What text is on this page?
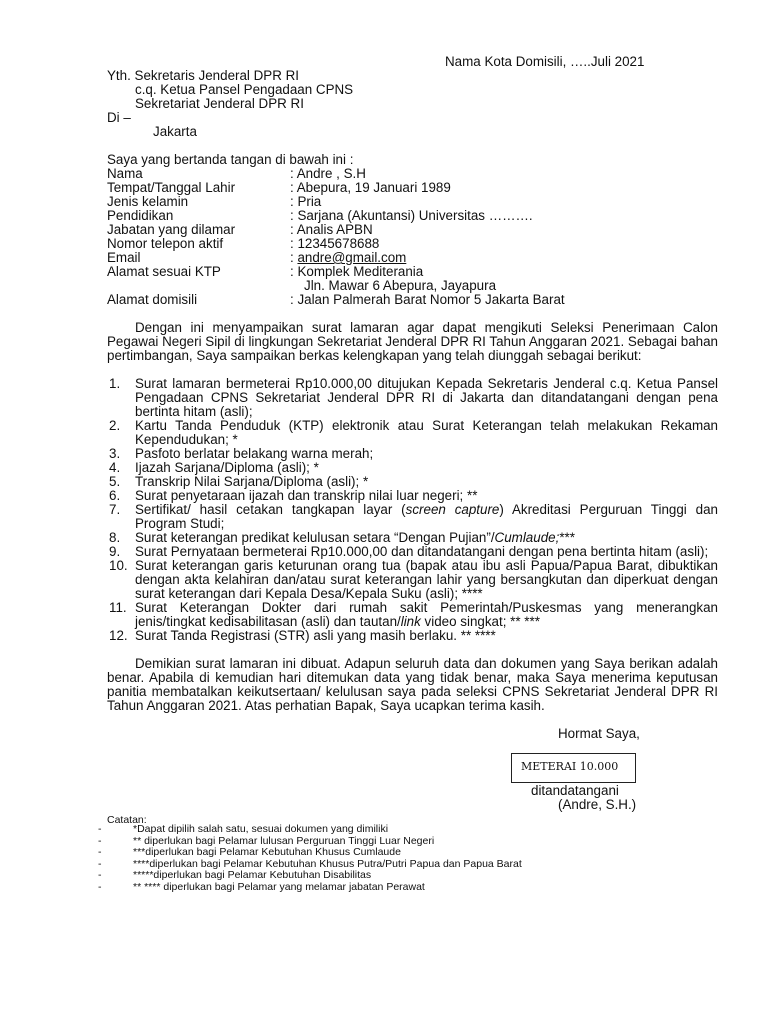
Nama Kota Domisili, …..Juli 2021
Yth. Sekretaris Jenderal DPR RI
c.q. Ketua Pansel Pengadaan CPNS
Sekretariat Jenderal DPR RI
Di –
Jakarta
Saya yang bertanda tangan di bawah ini :
Nama	: Andre , S.H
Tempat/Tanggal Lahir	: Abepura, 19 Januari 1989
Jenis kelamin	: Pria
Pendidikan	: Sarjana (Akuntansi) Universitas ……….
Jabatan yang dilamar	: Analis APBN
Nomor telepon aktif	: 12345678688
Email	: andre@gmail.com
Alamat sesuai KTP	: Komplek Mediterania
Jln. Mawar 6 Abepura, Jayapura
Alamat domisili	: Jalan Palmerah Barat Nomor 5 Jakarta Barat

Dengan ini menyampaikan surat lamaran agar dapat mengikuti Seleksi Penerimaan Calon Pegawai Negeri Sipil di lingkungan Sekretariat Jenderal DPR RI Tahun Anggaran 2021. Sebagai bahan pertimbangan, Saya sampaikan berkas kelengkapan yang telah diunggah sebagai berikut:

1. Surat lamaran bermeterai Rp10.000,00 ditujukan Kepada Sekretaris Jenderal c.q. Ketua Pansel Pengadaan CPNS Sekretariat Jenderal DPR RI di Jakarta dan ditandatangani dengan pena bertinta hitam (asli);
2. Kartu Tanda Penduduk (KTP) elektronik atau Surat Keterangan telah melakukan Rekaman Kependudukan; *
3. Pasfoto berlatar belakang warna merah;
4. Ijazah Sarjana/Diploma (asli); *
5. Transkrip Nilai Sarjana/Diploma (asli); *
6. Surat penyetaraan ijazah dan transkrip nilai luar negeri; **
7. Sertifikat/ hasil cetakan tangkapan layar (screen capture) Akreditasi Perguruan Tinggi dan Program Studi;
8. Surat keterangan predikat kelulusan setara “Dengan Pujian”/Cumlaude;***
9. Surat Pernyataan bermeterai Rp10.000,00 dan ditandatangani dengan pena bertinta hitam (asli);
10. Surat keterangan garis keturunan orang tua (bapak atau ibu asli Papua/Papua Barat, dibuktikan dengan akta kelahiran dan/atau surat keterangan lahir yang bersangkutan dan diperkuat dengan surat keterangan dari Kepala Desa/Kepala Suku (asli); ****
11. Surat Keterangan Dokter dari rumah sakit Pemerintah/Puskesmas yang menerangkan jenis/tingkat kedisabilitasan (asli) dan tautan/link video singkat; ** ***
12. Surat Tanda Registrasi (STR) asli yang masih berlaku. ** ****

Demikian surat lamaran ini dibuat. Adapun seluruh data dan dokumen yang Saya berikan adalah benar. Apabila di kemudian hari ditemukan data yang tidak benar, maka Saya menerima keputusan panitia membatalkan keikutsertaan/ kelulusan saya pada seleksi CPNS Sekretariat Jenderal DPR RI Tahun Anggaran 2021. Atas perhatian Bapak, Saya ucapkan terima kasih.

Hormat Saya,
METERAI 10.000
ditandatangani
(Andre, S.H.)
Catatan:
-	*Dapat dipilih salah satu, sesuai dokumen yang dimiliki
-	** diperlukan bagi Pelamar lulusan Perguruan Tinggi Luar Negeri
-	***diperlukan bagi Pelamar Kebutuhan Khusus Cumlaude
-	****diperlukan bagi Pelamar Kebutuhan Khusus Putra/Putri Papua dan Papua Barat
-	*****diperlukan bagi Pelamar Kebutuhan Disabilitas
-	** **** diperlukan bagi Pelamar yang melamar jabatan Perawat
